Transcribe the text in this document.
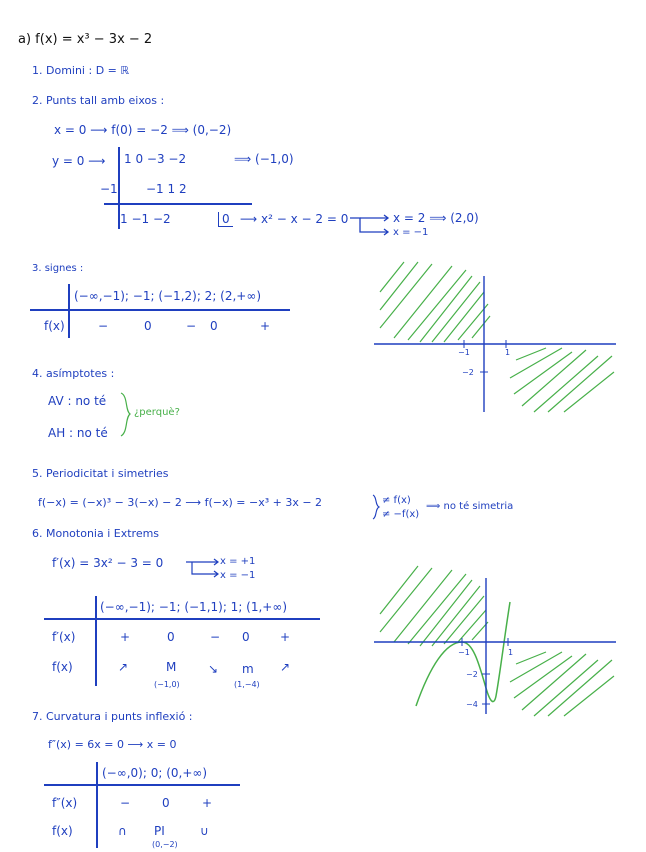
a) f(x) = x³ − 3x − 2
1. Domini : D = ℝ
2. Punts tall amb eixos :
x = 0 ⟶ f(0) = −2 ⟹ (0,−2)
y = 0 ⟶ 1 0 −3 −2	⟹ (−1,0)
−1 −1 1 2
1 −1 −2	0 ⟶ x² − x − 2 = 0	x = 2 ⟹ (2,0)
x = −1
3. signes :
(−∞,−1); −1; (−1,2); 2; (2,+∞)
f(x)	−	0	− 0	+
−1	1
−2
4. asímptotes :
AV : no té
AH : no té
¿perquè?
5. Periodicitat i simetries
f(−x) = (−x)³ − 3(−x) − 2 ⟶ f(−x) = −x³ + 3x − 2	≠ f(x)
≠ −f(x)
⟹ no té simetria
6. Monotonia i Extrems
f′(x) = 3x² − 3 = 0	x = +1
x = −1
(−∞,−1); −1; (−1,1); 1; (1,+∞)
f′(x)	+	0	− 0	+
f(x)	↗	M	↘ m ↗
(−1,0)	(1,−4)
−1	1
−2
−4
7. Curvatura i punts inflexió :
f″(x) = 6x = 0 ⟶ x = 0
(−∞,0); 0; (0,+∞)
f″(x)	−	0	+
f(x)	∩ PI	∪
(0,−2)
